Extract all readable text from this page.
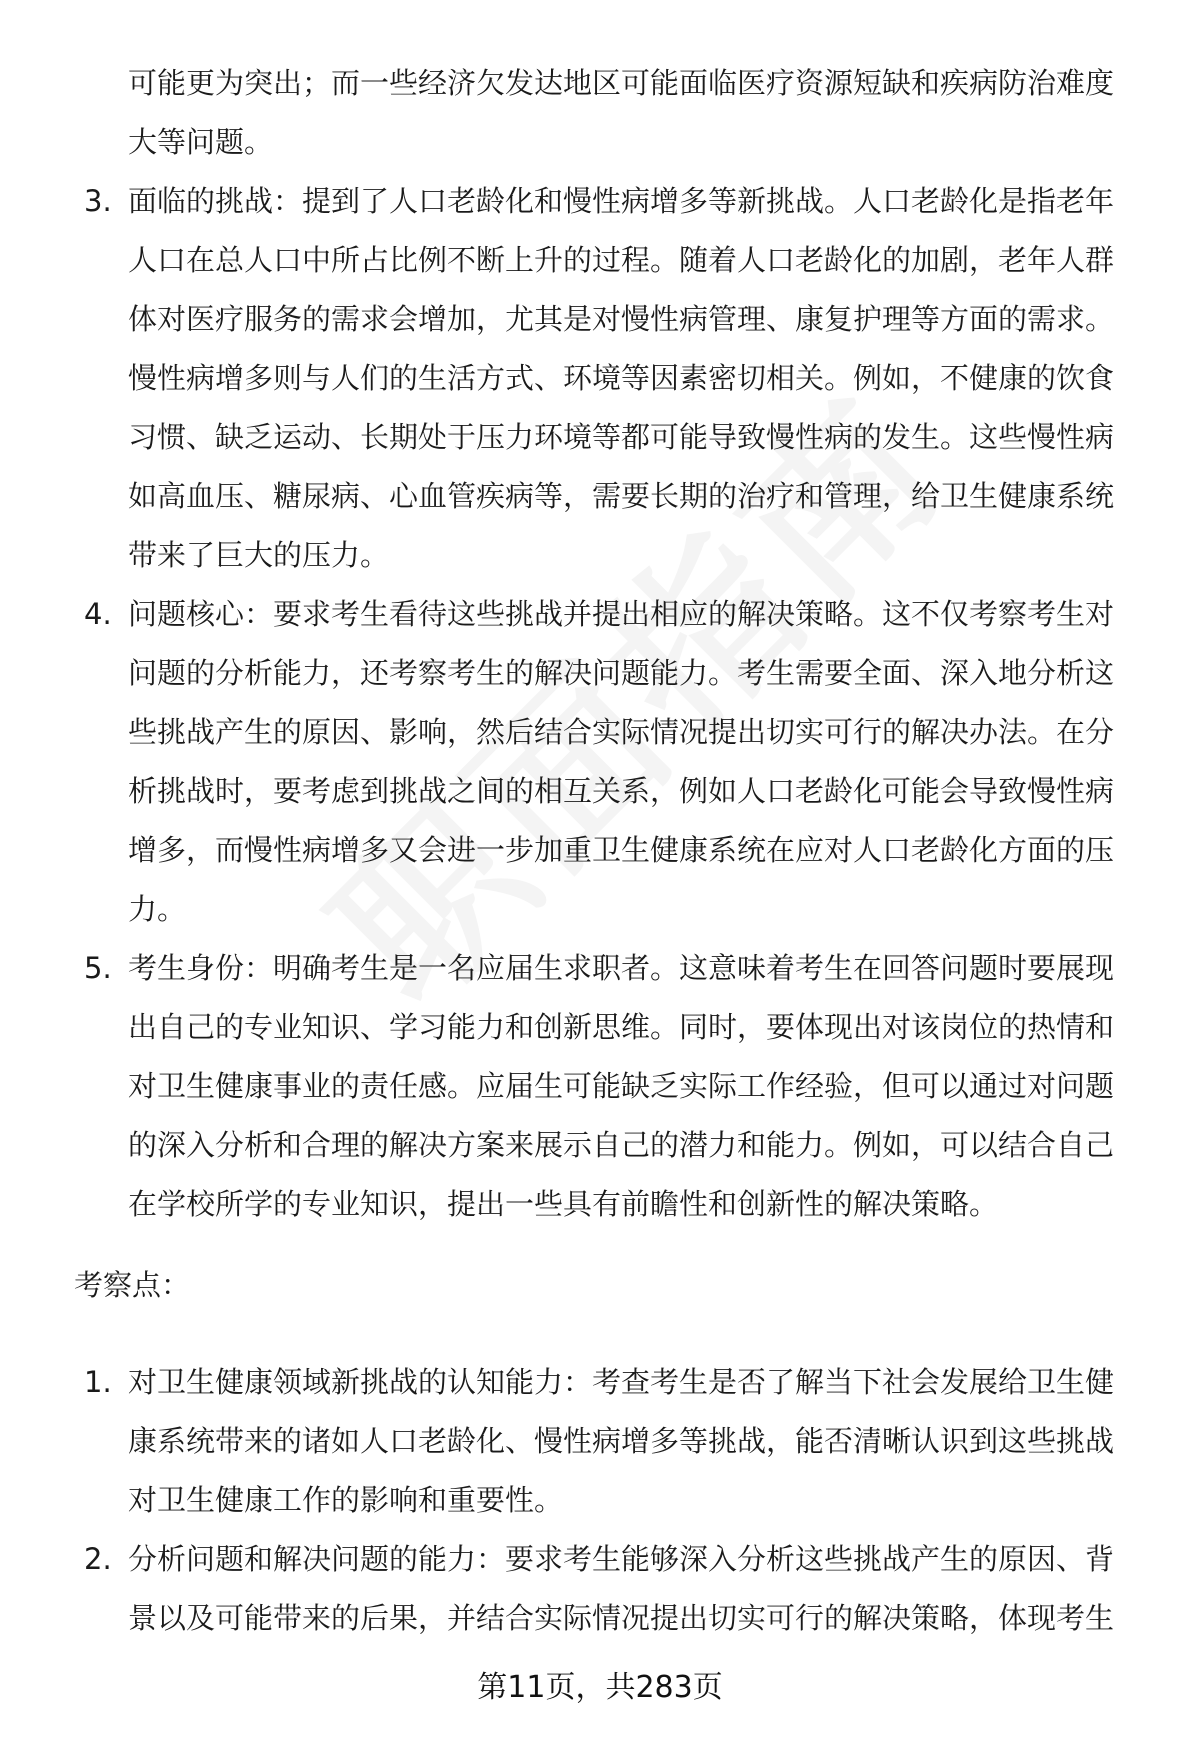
可能更为突出；而一些经济欠发达地区可能面临医疗资源短缺和疾病防治难度大等问题。

3. 面临的挑战：提到了人口老龄化和慢性病增多等新挑战。人口老龄化是指老年人口在总人口中所占比例不断上升的过程。随着人口老龄化的加剧，老年人群体对医疗服务的需求会增加，尤其是对慢性病管理、康复护理等方面的需求。慢性病增多则与人们的生活方式、环境等因素密切相关。例如，不健康的饮食习惯、缺乏运动、长期处于压力环境等都可能导致慢性病的发生。这些慢性病如高血压、糖尿病、心血管疾病等，需要长期的治疗和管理，给卫生健康系统带来了巨大的压力。
4. 问题核心：要求考生看待这些挑战并提出相应的解决策略。这不仅考察考生对问题的分析能力，还考察考生的解决问题能力。考生需要全面、深入地分析这些挑战产生的原因、影响，然后结合实际情况提出切实可行的解决办法。在分析挑战时，要考虑到挑战之间的相互关系，例如人口老龄化可能会导致慢性病增多，而慢性病增多又会进一步加重卫生健康系统在应对人口老龄化方面的压力。
5. 考生身份：明确考生是一名应届生求职者。这意味着考生在回答问题时要展现出自己的专业知识、学习能力和创新思维。同时，要体现出对该岗位的热情和对卫生健康事业的责任感。应届生可能缺乏实际工作经验，但可以通过对问题的深入分析和合理的解决方案来展示自己的潜力和能力。例如，可以结合自己在学校所学的专业知识，提出一些具有前瞻性和创新性的解决策略。
考察点：
1. 对卫生健康领域新挑战的认知能力：考查考生是否了解当下社会发展给卫生健康系统带来的诸如人口老龄化、慢性病增多等挑战，能否清晰认识到这些挑战对卫生健康工作的影响和重要性。
2. 分析问题和解决问题的能力：要求考生能够深入分析这些挑战产生的原因、背景以及可能带来的后果，并结合实际情况提出切实可行的解决策略，体现考生
第11页，共283页
